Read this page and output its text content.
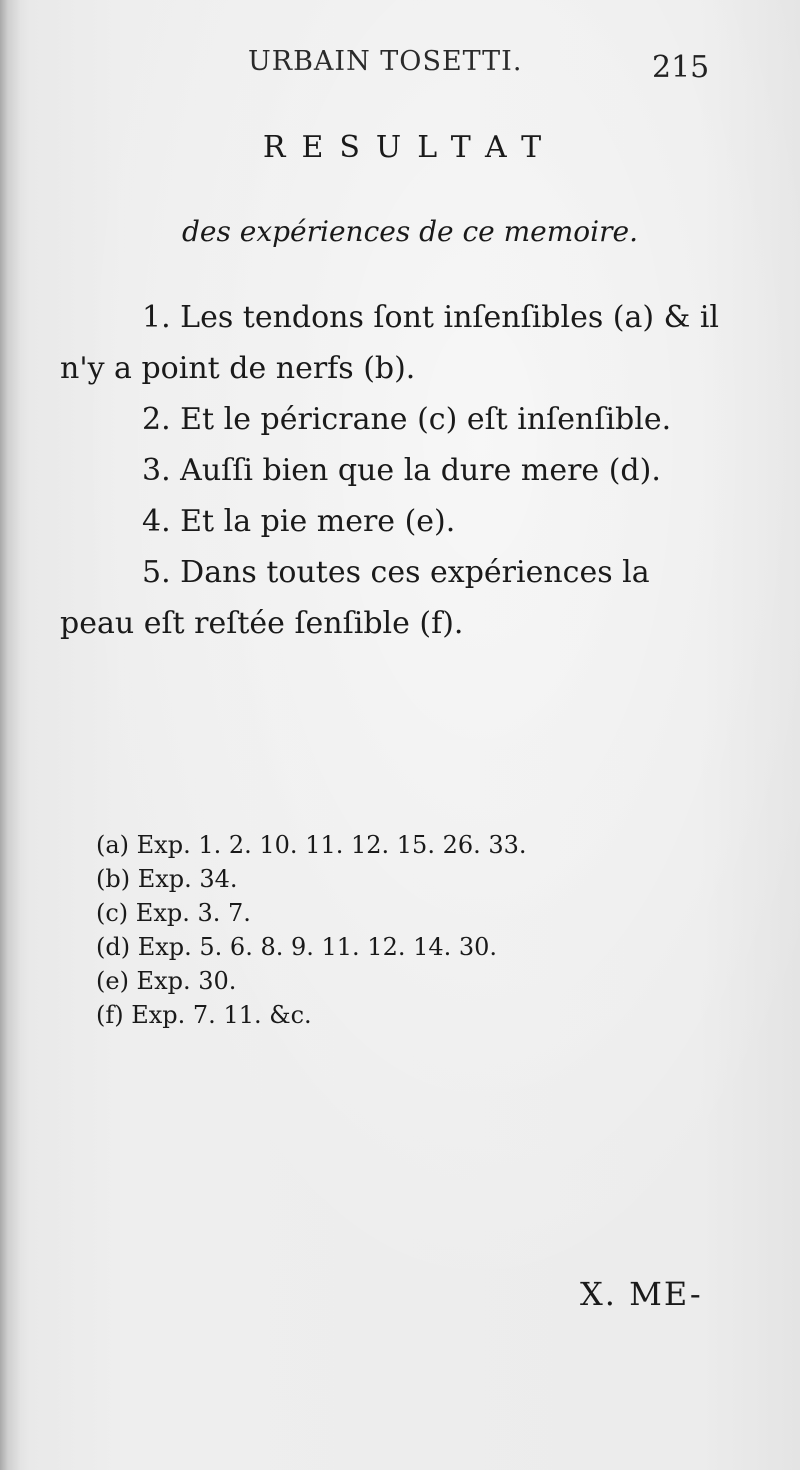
URBAIN TOSETTI.	215
RESULTAT
des expériences de ce memoire.

1. Les tendons ſont inſenſibles (a) & il n'y a point de nerfs (b).

2. Et le péricrane (c) eſt inſenſible.

3. Auſſi bien que la dure mere (d).

4. Et la pie mere (e).

5. Dans toutes ces expériences la peau eſt reſtée ſenſible (f).

(a) Exp. 1. 2. 10. 11. 12. 15. 26. 33.

(b) Exp. 34.

(c) Exp. 3. 7.

(d) Exp. 5. 6. 8. 9. 11. 12. 14. 30.

(e) Exp. 30.

(f) Exp. 7. 11. &c.

X. ME-
